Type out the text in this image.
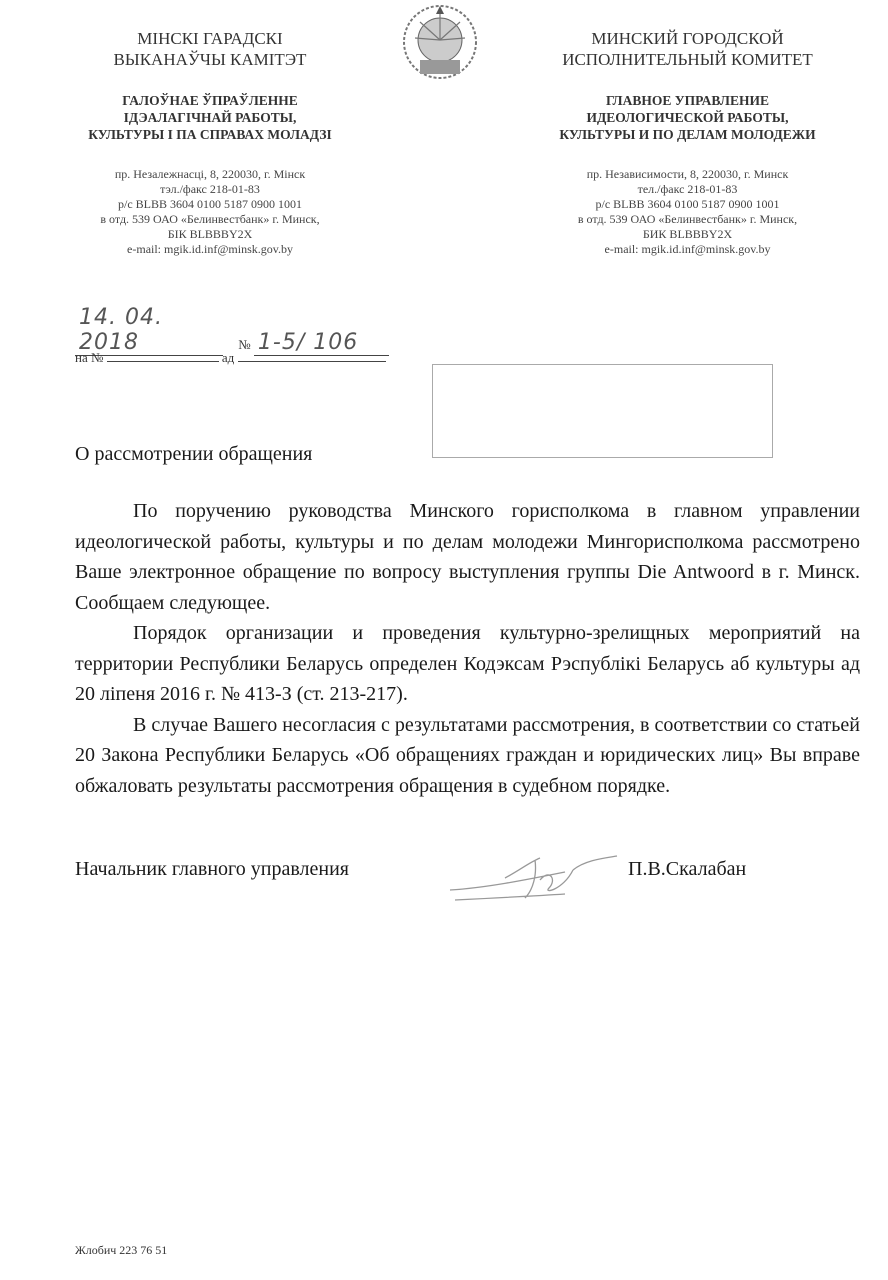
МІНСКІ ГАРАДСКІ
ВЫКАНАЎЧЫ КАМІТЭТ
ГАЛОЎНАЕ ЎПРАЎЛЕННЕ
ІДЭАЛАГІЧНАЙ РАБОТЫ,
КУЛЬТУРЫ І ПА СПРАВАХ МОЛАДЗІ
пр. Незалежнасці, 8, 220030, г. Мінск
тэл./факс 218-01-83
р/с BLBB 3604 0100 5187 0900 1001
в отд. 539 ОАО «Белинвестбанк» г. Минск,
БІК BLBBBY2X
e-mail: mgik.id.inf@minsk.gov.by
МИНСКИЙ ГОРОДСКОЙ
ИСПОЛНИТЕЛЬНЫЙ КОМИТЕТ
ГЛАВНОЕ УПРАВЛЕНИЕ
ИДЕОЛОГИЧЕСКОЙ РАБОТЫ,
КУЛЬТУРЫ И ПО ДЕЛАМ МОЛОДЕЖИ
пр. Независимости, 8, 220030, г. Минск
тел./факс 218-01-83
р/с BLBB 3604 0100 5187 0900 1001
в отд. 539 ОАО «Белинвестбанк» г. Минск,
БИК BLBBBY2X
e-mail: mgik.id.inf@minsk.gov.by
14. 04. 2018	№ 1-5/ 106
на №	ад
О рассмотрении обращения

По поручению руководства Минского горисполкома в главном управлении идеологической работы, культуры и по делам молодежи Мингорисполкома рассмотрено Ваше электронное обращение по вопросу выступления группы Die Antwoord в г. Минск. Сообщаем следующее.

Порядок организации и проведения культурно-зрелищных мероприятий на территории Республики Беларусь определен Кодэксам Рэспублікі Беларусь аб культуры ад 20 ліпеня 2016 г. № 413-З (ст. 213-217).

В случае Вашего несогласия с результатами рассмотрения, в соответствии со статьей 20 Закона Республики Беларусь «Об обращениях граждан и юридических лиц» Вы вправе обжаловать результаты рассмотрения обращения в судебном порядке.

Начальник главного управления	П.В.Скалабан
Жлобич 223 76 51
